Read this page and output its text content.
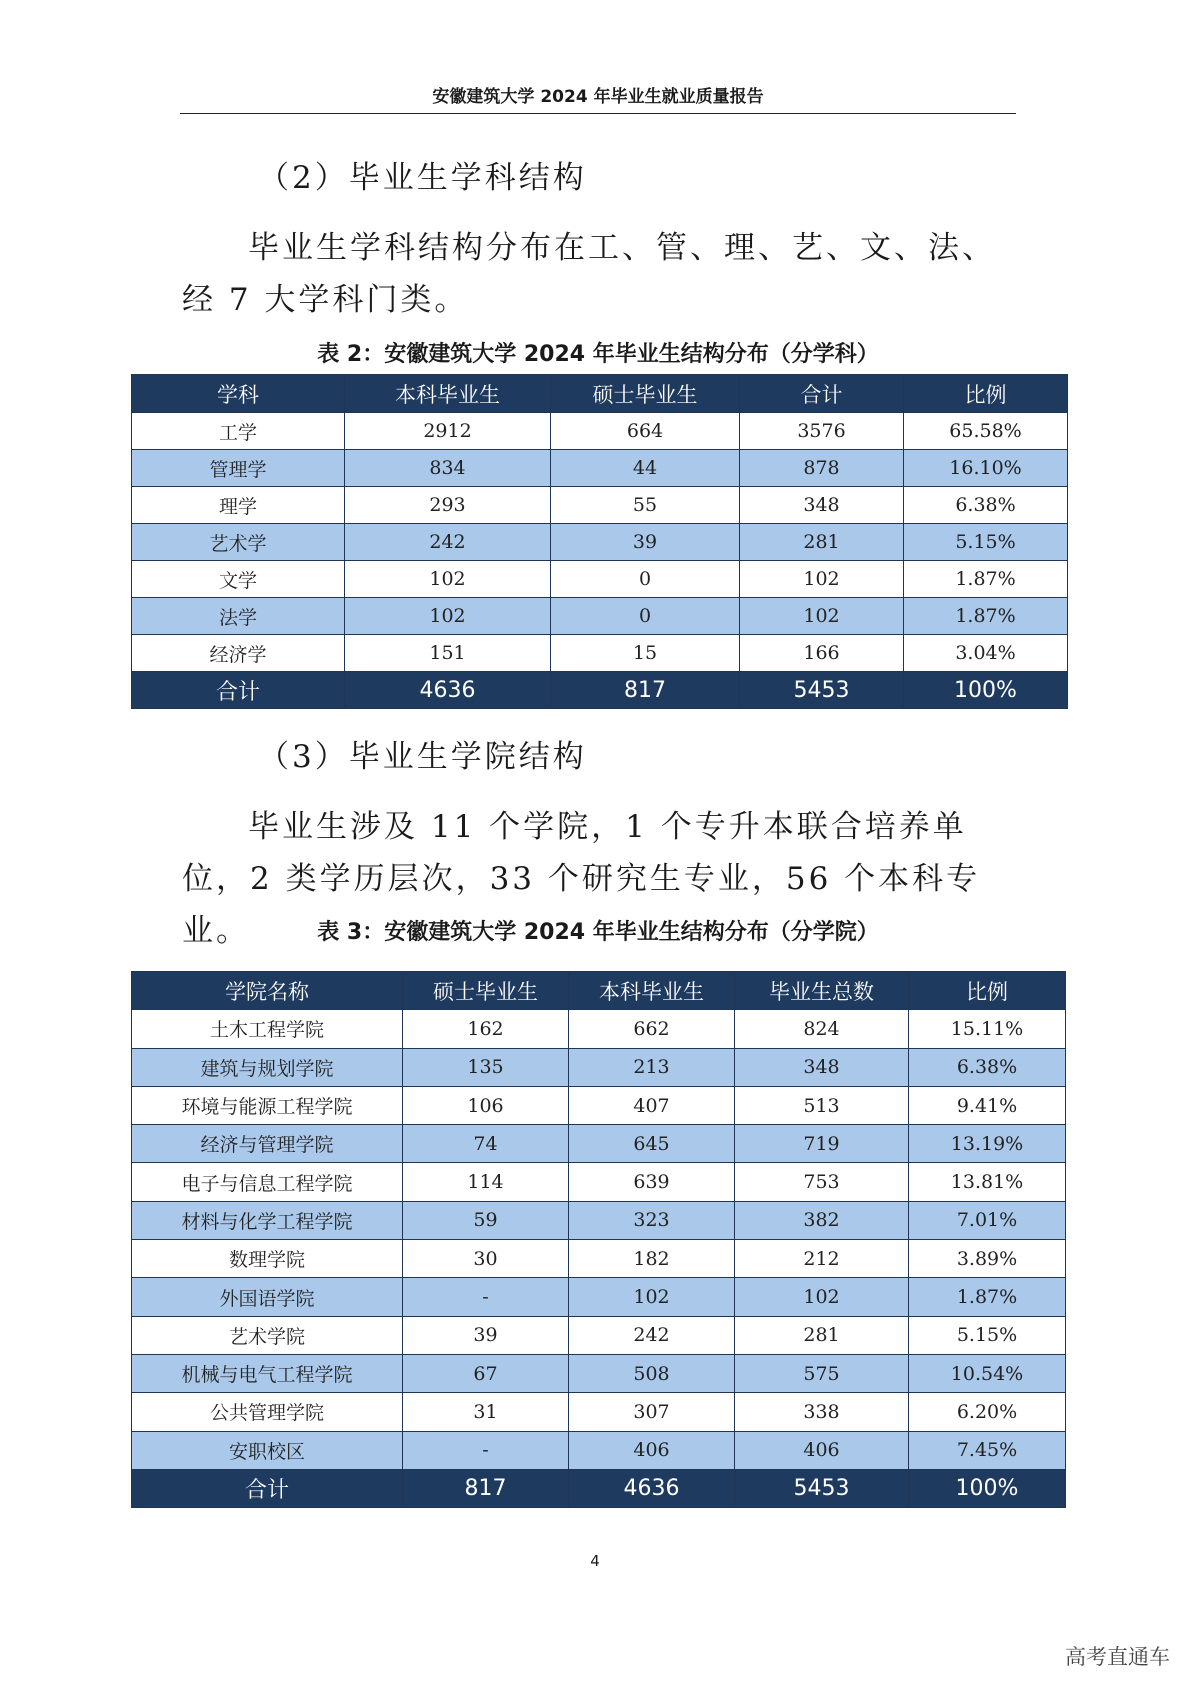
安徽建筑大学 2024 年毕业生就业质量报告
（2）毕业生学科结构
毕业生学科结构分布在工、管、理、艺、文、法、经 7 大学科门类。
表 2：安徽建筑大学 2024 年毕业生结构分布（分学科）
学科	本科毕业生	硕士毕业生	合计	比例
工学	2912	664	3576	65.58%
管理学	834	44	878	16.10%
理学	293	55	348	6.38%
艺术学	242	39	281	5.15%
文学	102	0	102	1.87%
法学	102	0	102	1.87%
经济学	151	15	166	3.04%
合计	4636	817	5453	100%
（3）毕业生学院结构
毕业生涉及 11 个学院，1 个专升本联合培养单位，2 类学历层次，33 个研究生专业，56 个本科专业。	表 3：安徽建筑大学 2024 年毕业生结构分布（分学院）
学院名称	硕士毕业生	本科毕业生	毕业生总数	比例
土木工程学院	162	662	824	15.11%
建筑与规划学院	135	213	348	6.38%
环境与能源工程学院	106	407	513	9.41%
经济与管理学院	74	645	719	13.19%
电子与信息工程学院	114	639	753	13.81%
材料与化学工程学院	59	323	382	7.01%
数理学院	30	182	212	3.89%
外国语学院	-	102	102	1.87%
艺术学院	39	242	281	5.15%
机械与电气工程学院	67	508	575	10.54%
公共管理学院	31	307	338	6.20%
安职校区	-	406	406	7.45%
合计	817	4636	5453	100%
4
高考直通车
